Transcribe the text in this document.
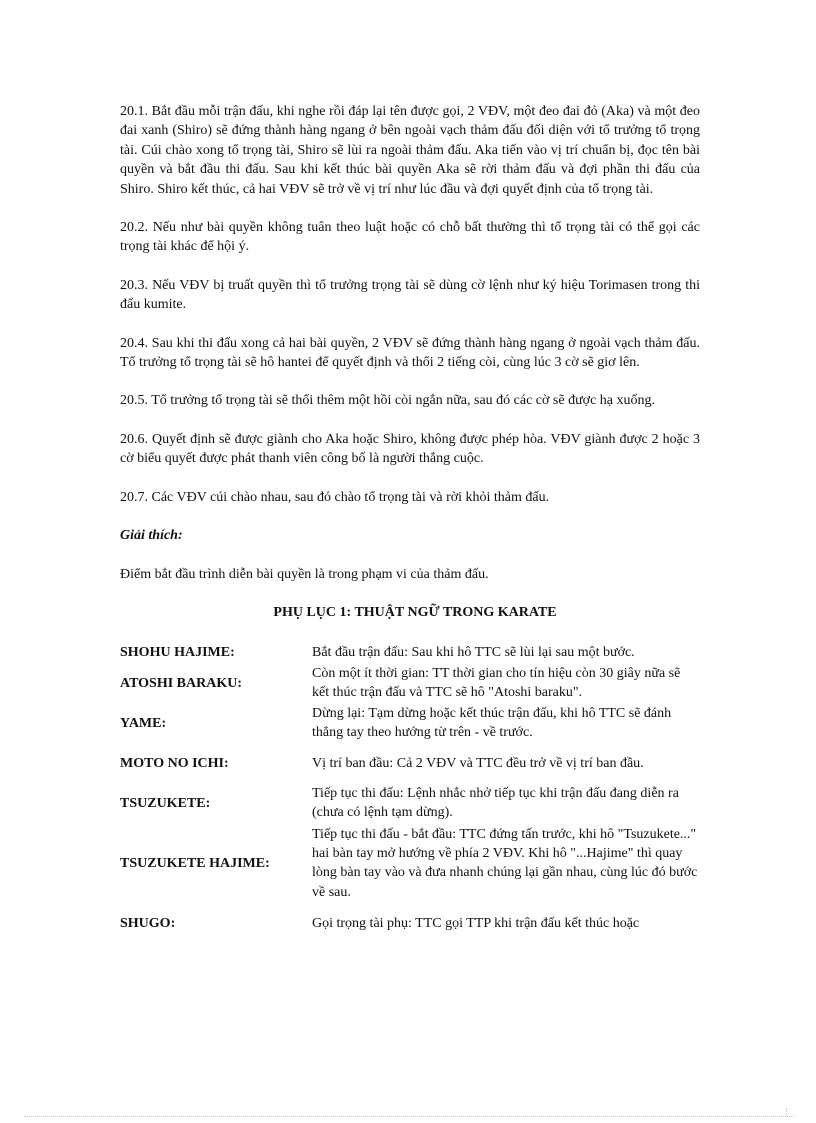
20.1. Bắt đầu mỗi trận đấu, khi nghe rồi đáp lại tên được gọi, 2 VĐV, một đeo đai đỏ (Aka) và một đeo đai xanh (Shiro) sẽ đứng thành hàng ngang ở bên ngoài vạch thảm đấu đối diện với tổ trưởng tổ trọng tài. Cúi chào xong tổ trọng tài, Shiro sẽ lùi ra ngoài thảm đấu. Aka tiến vào vị trí chuẩn bị, đọc tên bài quyền và bắt đầu thi đấu. Sau khi kết thúc bài quyền Aka sẽ rời thảm đấu và đợi phần thi đấu của Shiro. Shiro kết thúc, cả hai VĐV sẽ trở về vị trí như lúc đầu và đợi quyết định của tổ trọng tài.

20.2. Nếu như bài quyền không tuân theo luật hoặc có chỗ bất thường thì tổ trọng tài có thể gọi các trọng tài khác để hội ý.

20.3. Nếu VĐV bị truất quyền thì tổ trưởng trọng tài sẽ dùng cờ lệnh như ký hiệu Torimasen trong thi đấu kumite.

20.4. Sau khi thi đấu xong cả hai bài quyền, 2 VĐV sẽ đứng thành hàng ngang ở ngoài vạch thảm đấu. Tổ trưởng tổ trọng tài sẽ hô hantei để quyết định và thổi 2 tiếng còi, cùng lúc 3 cờ sẽ giơ lên.

20.5. Tổ trưởng tổ trọng tài sẽ thổi thêm một hồi còi ngắn nữa, sau đó các cờ sẽ được hạ xuống.

20.6. Quyết định sẽ được giành cho Aka hoặc Shiro, không được phép hòa. VĐV giành được 2 hoặc 3 cờ biểu quyết được phát thanh viên công bố là người thắng cuộc.

20.7. Các VĐV cúi chào nhau, sau đó chào tổ trọng tài và rời khỏi thảm đấu.

Giải thích:

Điểm bắt đầu trình diễn bài quyền là trong phạm vi của thảm đấu.

PHỤ LỤC 1: THUẬT NGỮ TRONG KARATE

SHOHU HAJIME:	Bắt đầu trận đấu: Sau khi hô TTC sẽ lùi lại sau một bước.
ATOSHI BARAKU:	Còn một ít thời gian: TT thời gian cho tín hiệu còn 30 giây nữa sẽ kết thúc trận đấu và TTC sẽ hô "Atoshi baraku".
YAME:	Dừng lại: Tạm dừng hoặc kết thúc trận đấu, khi hô TTC sẽ đánh thẳng tay theo hướng từ trên - về trước.
MOTO NO ICHI:	Vị trí ban đầu: Cả 2 VĐV và TTC đều trở về vị trí ban đầu.
TSUZUKETE:	Tiếp tục thi đấu: Lệnh nhắc nhở tiếp tục khi trận đấu đang diễn ra (chưa có lệnh tạm dừng).
TSUZUKETE HAJIME:	Tiếp tục thi đấu - bắt đầu: TTC đứng tấn trước, khi hô "Tsuzukete..." hai bàn tay mở hướng về phía 2 VĐV. Khi hô "...Hajime" thì quay lòng bàn tay vào và đưa nhanh chúng lại gần nhau, cùng lúc đó bước về sau.
SHUGO:	Gọi trọng tài phụ: TTC gọi TTP khi trận đấu kết thúc hoặc
